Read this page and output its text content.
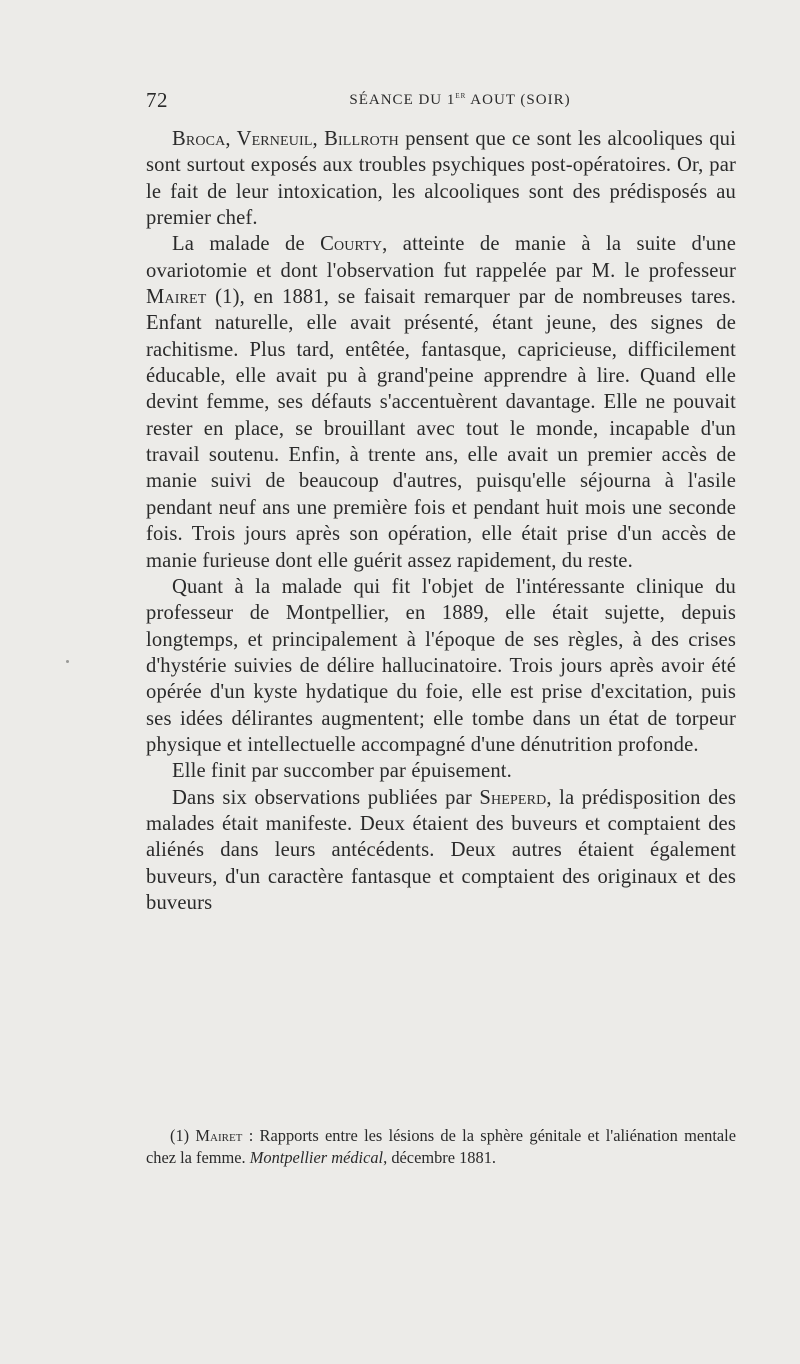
72	SÉANCE DU 1er AOUT (SOIR)

Broca, Verneuil, Billroth pensent que ce sont les alcooliques qui sont surtout exposés aux troubles psychiques post-opératoires. Or, par le fait de leur intoxication, les alcooliques sont des prédisposés au premier chef.

La malade de Courty, atteinte de manie à la suite d'une ovariotomie et dont l'observation fut rappelée par M. le professeur Mairet (1), en 1881, se faisait remarquer par de nombreuses tares. Enfant naturelle, elle avait présenté, étant jeune, des signes de rachitisme. Plus tard, entêtée, fantasque, capricieuse, difficilement éducable, elle avait pu à grand'peine apprendre à lire. Quand elle devint femme, ses défauts s'accentuèrent davantage. Elle ne pouvait rester en place, se brouillant avec tout le monde, incapable d'un travail soutenu. Enfin, à trente ans, elle avait un premier accès de manie suivi de beaucoup d'autres, puisqu'elle séjourna à l'asile pendant neuf ans une première fois et pendant huit mois une seconde fois. Trois jours après son opération, elle était prise d'un accès de manie furieuse dont elle guérit assez rapidement, du reste.

Quant à la malade qui fit l'objet de l'intéressante clinique du professeur de Montpellier, en 1889, elle était sujette, depuis longtemps, et principalement à l'époque de ses règles, à des crises d'hystérie suivies de délire hallucinatoire. Trois jours après avoir été opérée d'un kyste hydatique du foie, elle est prise d'excitation, puis ses idées délirantes augmentent; elle tombe dans un état de torpeur physique et intellectuelle accompagné d'une dénutrition profonde.

Elle finit par succomber par épuisement.

Dans six observations publiées par Sheperd, la prédisposition des malades était manifeste. Deux étaient des buveurs et comptaient des aliénés dans leurs antécédents. Deux autres étaient également buveurs, d'un caractère fantasque et comptaient des originaux et des buveurs

(1) Mairet : Rapports entre les lésions de la sphère génitale et l'aliénation mentale chez la femme. Montpellier médical, décembre 1881.
